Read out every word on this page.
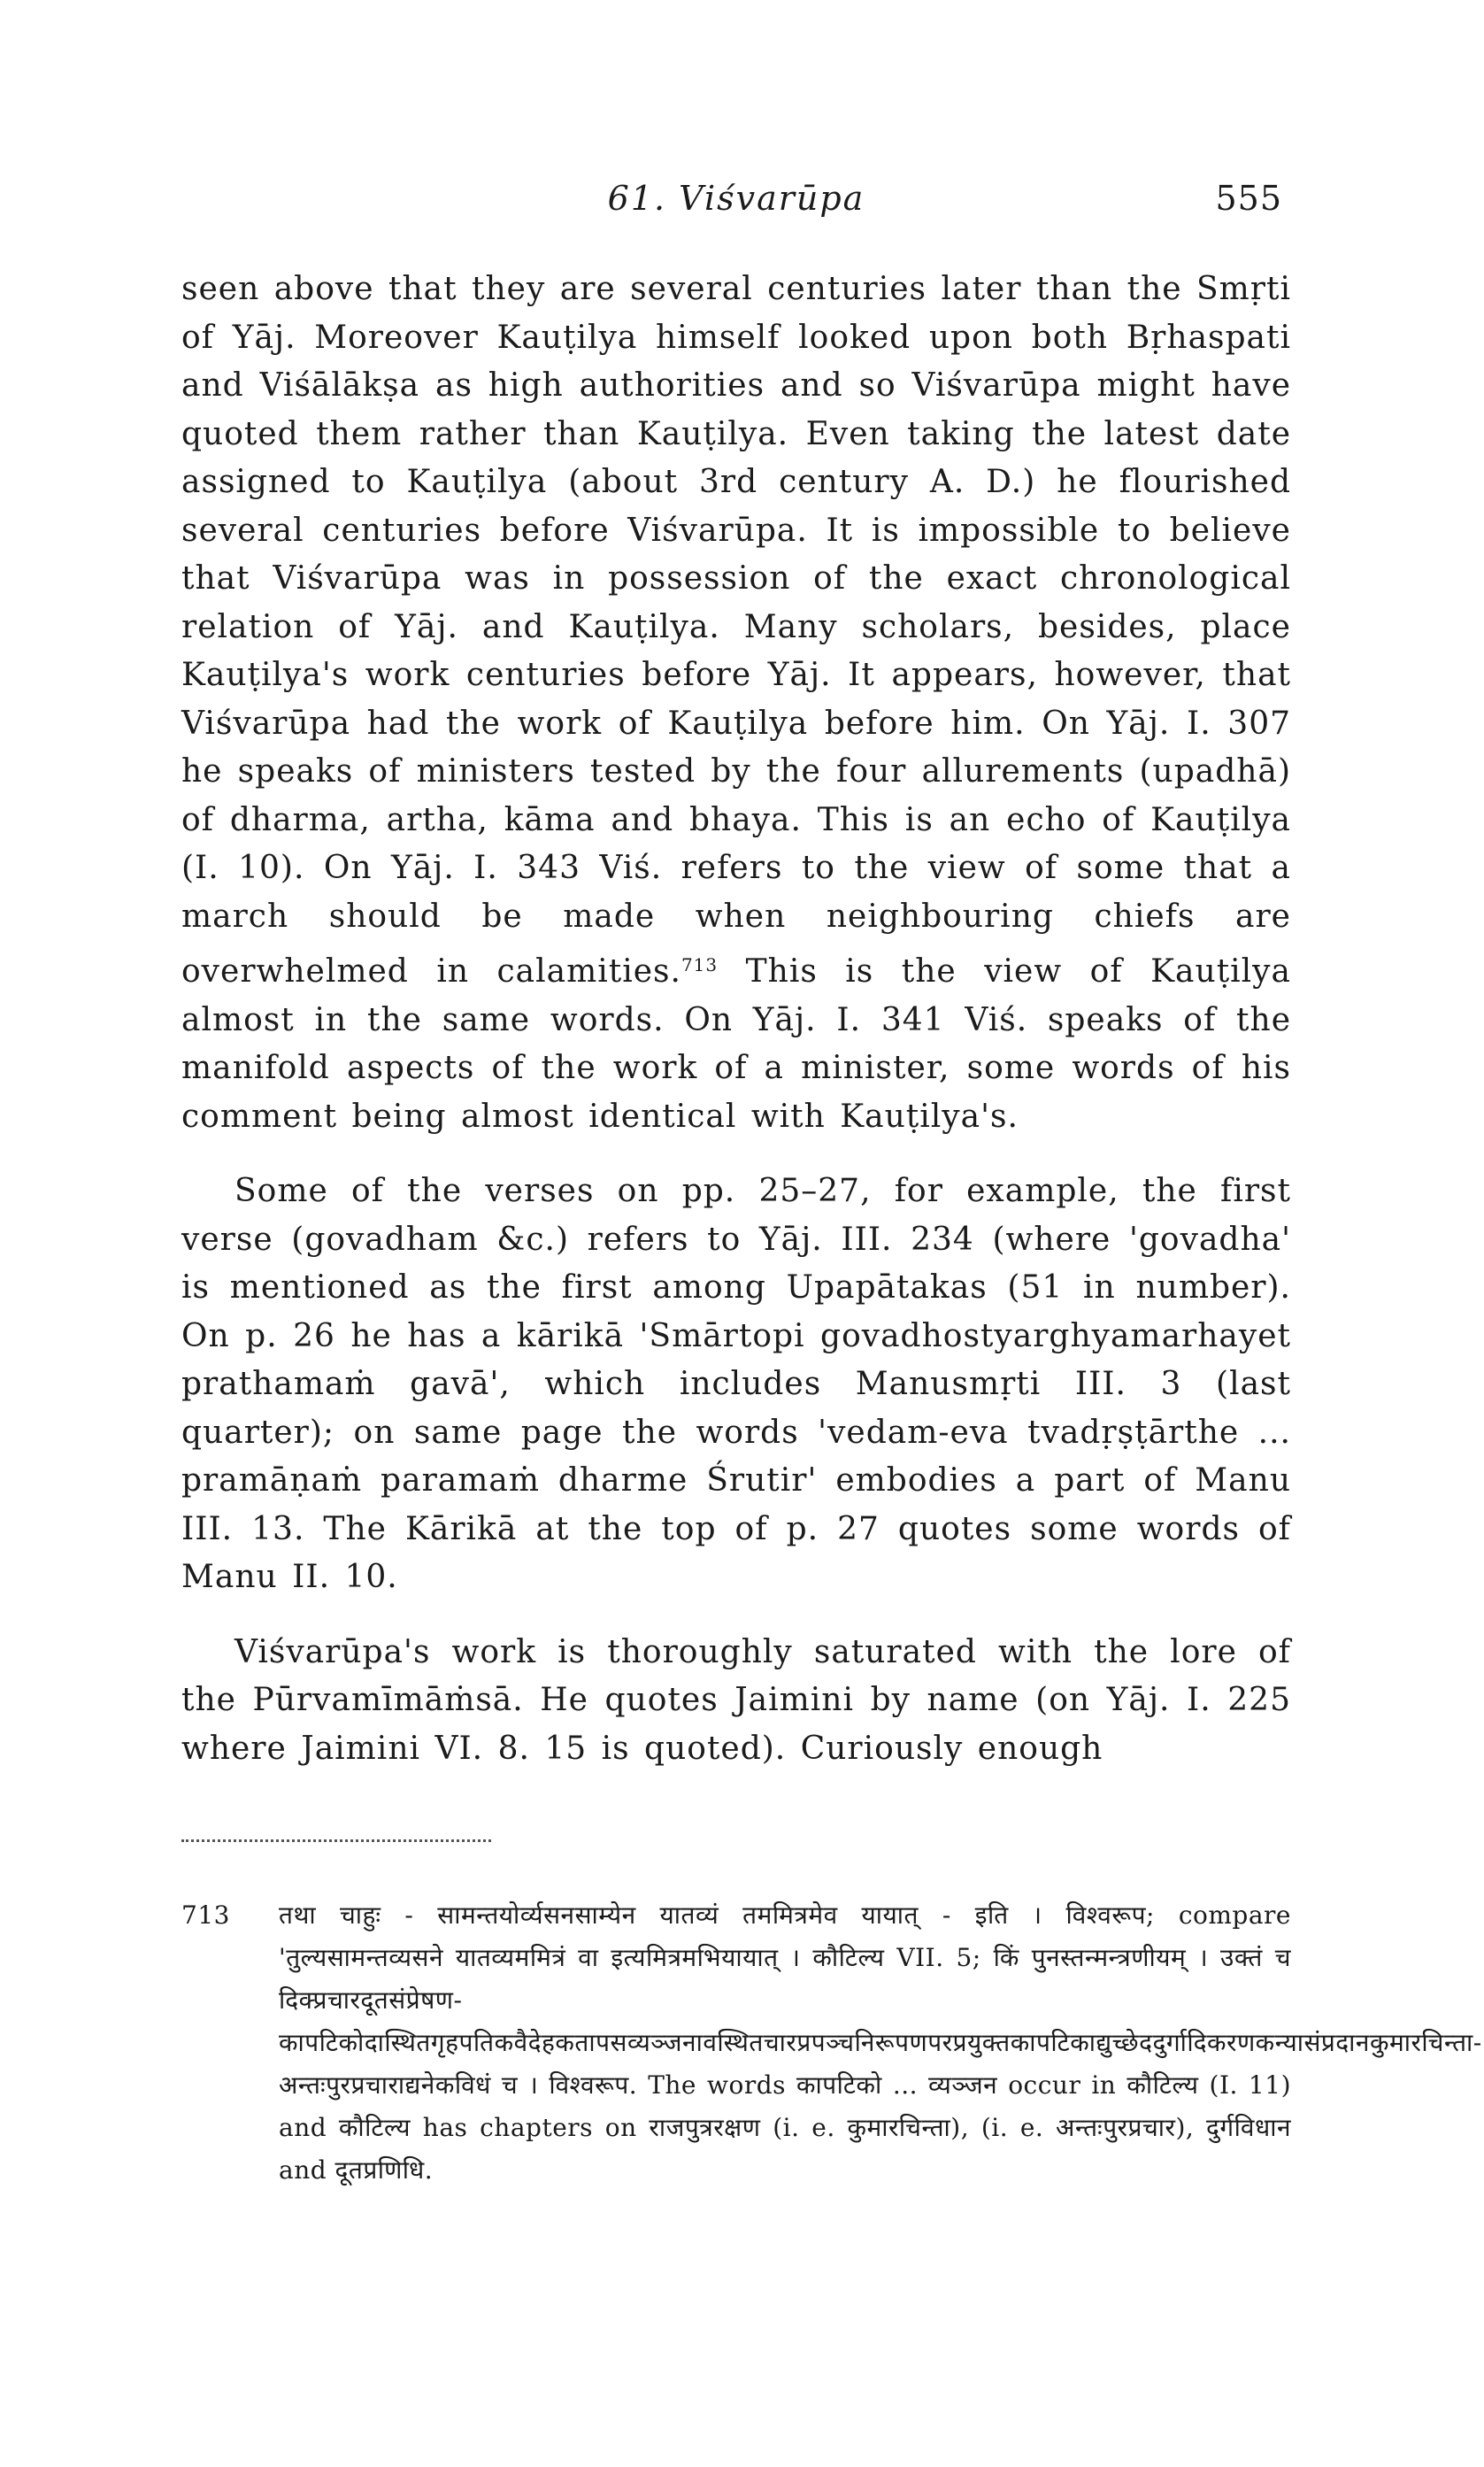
61. Viśvarūpa	555

seen above that they are several centuries later than the Smṛti of Yāj. Moreover Kauṭilya himself looked upon both Bṛhaspati and Viśālākṣa as high authorities and so Viśvarūpa might have quoted them rather than Kauṭilya. Even taking the latest date assigned to Kauṭilya (about 3rd century A. D.) he flourished several centuries before Viśvarūpa. It is impossible to believe that Viśvarūpa was in possession of the exact chronological relation of Yāj. and Kauṭilya. Many scholars, besides, place Kauṭilya's work centuries before Yāj. It appears, however, that Viśvarūpa had the work of Kauṭilya before him. On Yāj. I. 307 he speaks of ministers tested by the four allurements (upadhā) of dharma, artha, kāma and bhaya. This is an echo of Kauṭilya (I. 10). On Yāj. I. 343 Viś. refers to the view of some that a march should be made when neighbouring chiefs are overwhelmed in calamities.$^{713}$ This is the view of Kauṭilya almost in the same words. On Yāj. I. 341 Viś. speaks of the manifold aspects of the work of a minister, some words of his comment being almost identical with Kauṭilya's.

Some of the verses on pp. 25–27, for example, the first verse (govadham &c.) refers to Yāj. III. 234 (where 'govadha' is mentioned as the first among Upapātakas (51 in number). On p. 26 he has a kārikā 'Smārtopi govadhostyarghyamarhayet prathamaṁ gavā', which includes Manusmṛti III. 3 (last quarter); on same page the words 'vedam-eva tvadṛṣṭārthe ... pramāṇaṁ paramaṁ dharme Śrutir' embodies a part of Manu III. 13. The Kārikā at the top of p. 27 quotes some words of Manu II. 10.

Viśvarūpa's work is thoroughly saturated with the lore of the Pūrvamīmāṁsā. He quotes Jaimini by name (on Yāj. I. 225 where Jaimini VI. 8. 15 is quoted). Curiously enough

713 तथा चाहुः - सामन्तयोर्व्यसनसाम्येन यातव्यं तममित्रमेव यायात् - इति । विश्वरूप; compare 'तुल्यसामन्तव्यसने यातव्यममित्रं वा इत्यमित्रमभियायात् । कौटिल्य VII. 5; किं पुनस्तन्मन्त्रणीयम् । उक्तं च दिक्प्रचारदूतसंप्रेषण-कापटिकोदास्थितगृहपतिकवैदेहकतापसव्यञ्जनावस्थितचारप्रपञ्चनिरूपणपरप्रयुक्तकापटिकाद्युच्छेददुर्गादिकरणकन्यासंप्रदानकुमारचिन्ता-अन्तःपुरप्रचाराद्यनेकविधं च । विश्वरूप. The words कापटिको ... व्यञ्जन occur in कौटिल्य (I. 11) and कौटिल्य has chapters on राजपुत्ररक्षण (i. e. कुमारचिन्ता), (i. e. अन्तःपुरप्रचार), दुर्गविधान and दूतप्रणिधि.
